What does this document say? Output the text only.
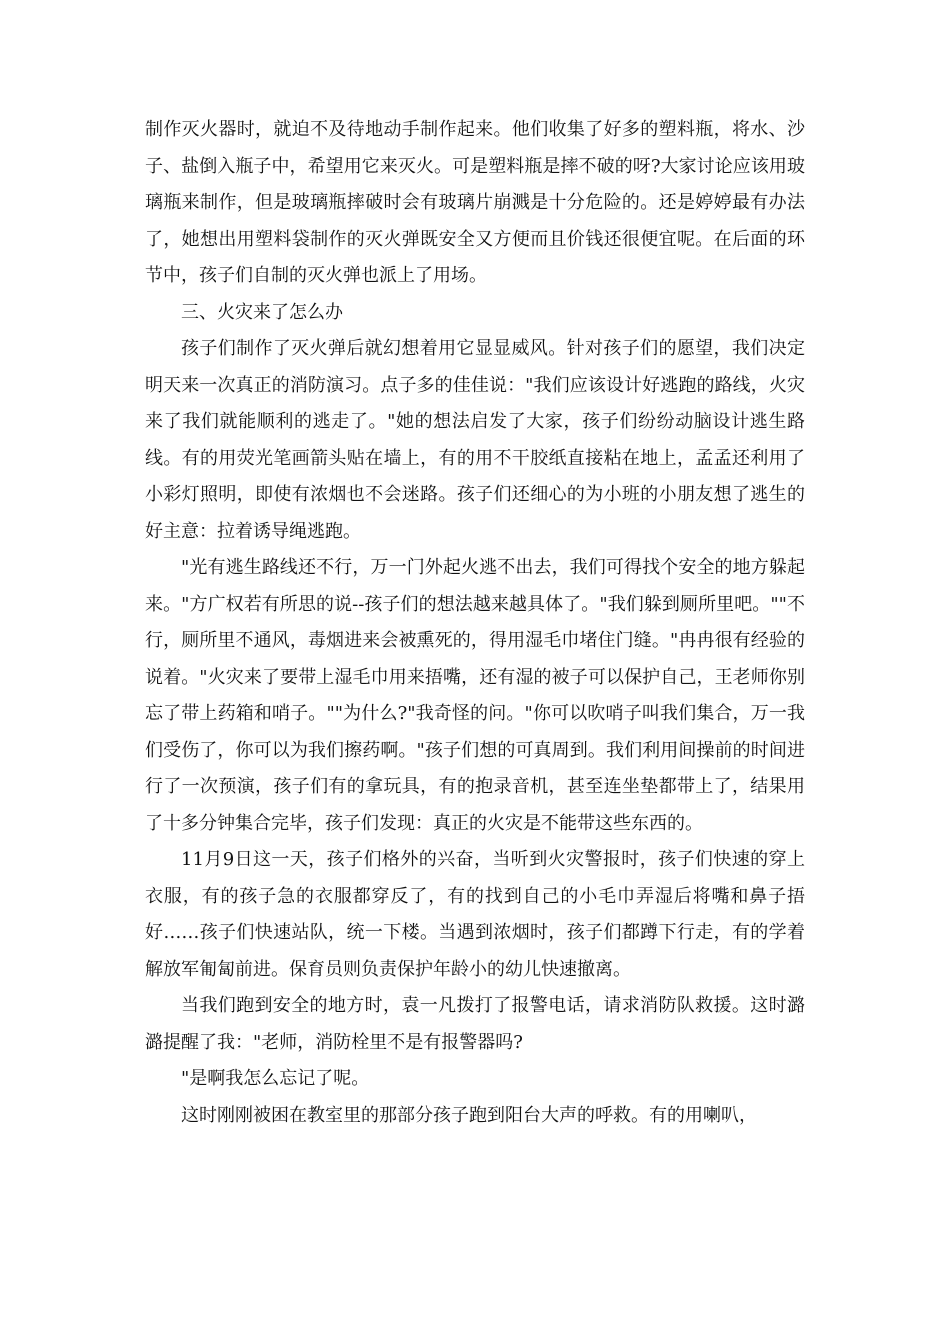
制作灭火器时，就迫不及待地动手制作起来。他们收集了好多的塑料瓶，将水、沙子、盐倒入瓶子中，希望用它来灭火。可是塑料瓶是摔不破的呀?大家讨论应该用玻璃瓶来制作，但是玻璃瓶摔破时会有玻璃片崩溅是十分危险的。还是婷婷最有办法了，她想出用塑料袋制作的灭火弹既安全又方便而且价钱还很便宜呢。在后面的环节中，孩子们自制的灭火弹也派上了用场。

三、火灾来了怎么办

孩子们制作了灭火弹后就幻想着用它显显威风。针对孩子们的愿望，我们决定明天来一次真正的消防演习。点子多的佳佳说："我们应该设计好逃跑的路线，火灾来了我们就能顺利的逃走了。"她的想法启发了大家，孩子们纷纷动脑设计逃生路线。有的用荧光笔画箭头贴在墙上，有的用不干胶纸直接粘在地上，孟孟还利用了小彩灯照明，即使有浓烟也不会迷路。孩子们还细心的为小班的小朋友想了逃生的好主意：拉着诱导绳逃跑。

"光有逃生路线还不行，万一门外起火逃不出去，我们可得找个安全的地方躲起来。"方广权若有所思的说--孩子们的想法越来越具体了。"我们躲到厕所里吧。""不行，厕所里不通风，毒烟进来会被熏死的，得用湿毛巾堵住门缝。"冉冉很有经验的说着。"火灾来了要带上湿毛巾用来捂嘴，还有湿的被子可以保护自己，王老师你别忘了带上药箱和哨子。""为什么?"我奇怪的问。"你可以吹哨子叫我们集合，万一我们受伤了，你可以为我们擦药啊。"孩子们想的可真周到。我们利用间操前的时间进行了一次预演，孩子们有的拿玩具，有的抱录音机，甚至连坐垫都带上了，结果用了十多分钟集合完毕，孩子们发现：真正的火灾是不能带这些东西的。

11月9日这一天，孩子们格外的兴奋，当听到火灾警报时，孩子们快速的穿上衣服，有的孩子急的衣服都穿反了，有的找到自己的小毛巾弄湿后将嘴和鼻子捂好……孩子们快速站队，统一下楼。当遇到浓烟时，孩子们都蹲下行走，有的学着解放军匍匐前进。保育员则负责保护年龄小的幼儿快速撤离。

当我们跑到安全的地方时，袁一凡拨打了报警电话，请求消防队救援。这时潞潞提醒了我："老师，消防栓里不是有报警器吗?

"是啊我怎么忘记了呢。

这时刚刚被困在教室里的那部分孩子跑到阳台大声的呼救。有的用喇叭，
